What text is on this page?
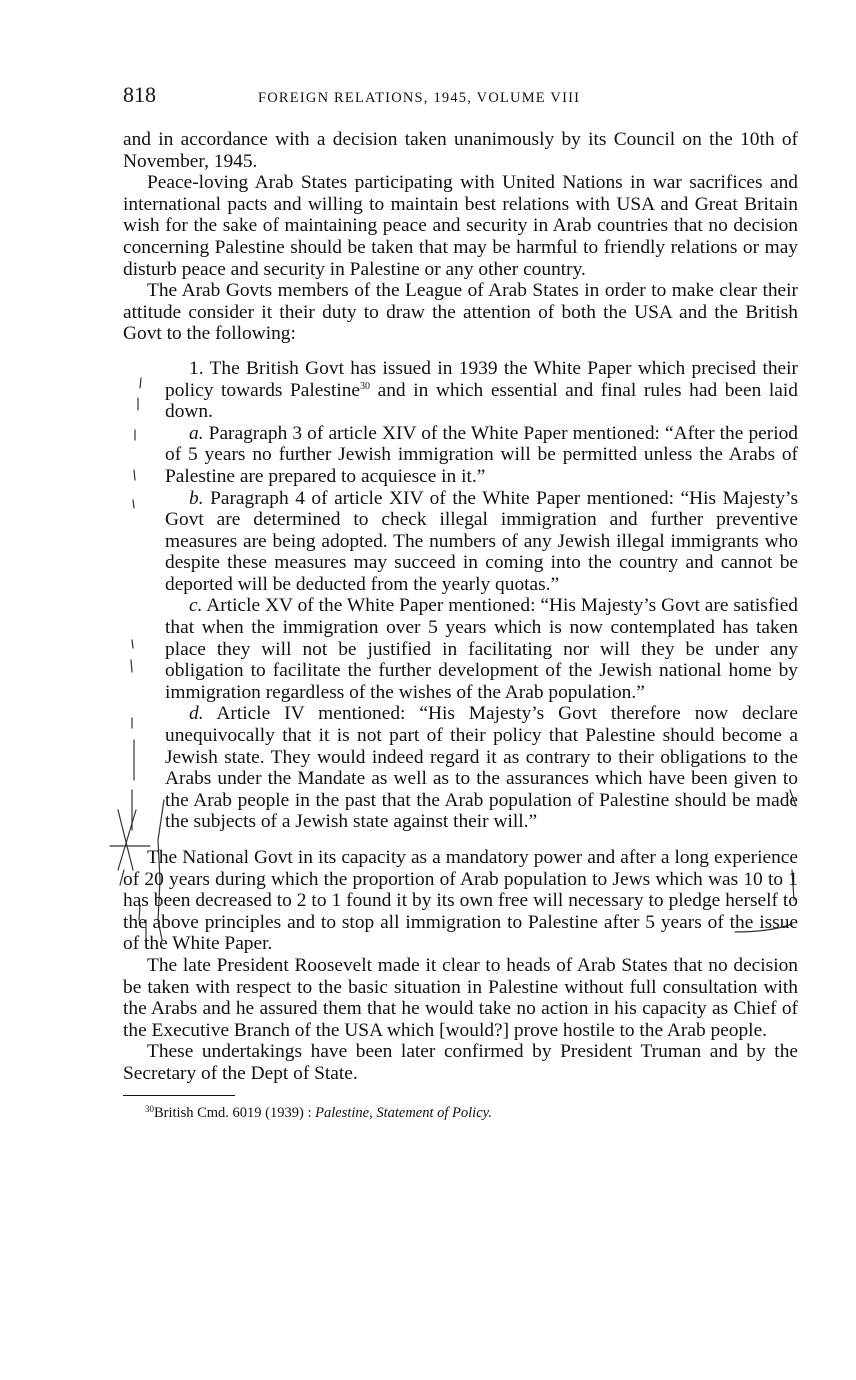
818	FOREIGN RELATIONS, 1945, VOLUME VIII

and in accordance with a decision taken unanimously by its Council on the 10th of November, 1945.

Peace-loving Arab States participating with United Nations in war sacrifices and international pacts and willing to maintain best relations with USA and Great Britain wish for the sake of maintaining peace and security in Arab countries that no decision concerning Palestine should be taken that may be harmful to friendly relations or may disturb peace and security in Palestine or any other country.

The Arab Govts members of the League of Arab States in order to make clear their attitude consider it their duty to draw the attention of both the USA and the British Govt to the following:

1. The British Govt has issued in 1939 the White Paper which precised their policy towards Palestine$^{30}$ and in which essential and final rules had been laid down.

a. Paragraph 3 of article XIV of the White Paper mentioned: “After the period of 5 years no further Jewish immigration will be permitted unless the Arabs of Palestine are prepared to acquiesce in it.”

b. Paragraph 4 of article XIV of the White Paper mentioned: “His Majesty’s Govt are determined to check illegal immigration and further preventive measures are being adopted. The numbers of any Jewish illegal immigrants who despite these measures may succeed in coming into the country and cannot be deported will be deducted from the yearly quotas.”

c. Article XV of the White Paper mentioned: “His Majesty’s Govt are satisfied that when the immigration over 5 years which is now contemplated has taken place they will not be justified in facilitating nor will they be under any obligation to facilitate the further development of the Jewish national home by immigration regardless of the wishes of the Arab population.”

d. Article IV mentioned: “His Majesty’s Govt therefore now declare unequivocally that it is not part of their policy that Palestine should become a Jewish state. They would indeed regard it as contrary to their obligations to the Arabs under the Mandate as well as to the assurances which have been given to the Arab people in the past that the Arab population of Palestine should be made the subjects of a Jewish state against their will.”

The National Govt in its capacity as a mandatory power and after a long experience of 20 years during which the proportion of Arab population to Jews which was 10 to 1 has been decreased to 2 to 1 found it by its own free will necessary to pledge herself to the above principles and to stop all immigration to Palestine after 5 years of the issue of the White Paper.

The late President Roosevelt made it clear to heads of Arab States that no decision be taken with respect to the basic situation in Palestine without full consultation with the Arabs and he assured them that he would take no action in his capacity as Chief of the Executive Branch of the USA which [would?] prove hostile to the Arab people.

These undertakings have been later confirmed by President Truman and by the Secretary of the Dept of State.

$^{30}$British Cmd. 6019 (1939) : Palestine, Statement of Policy.
